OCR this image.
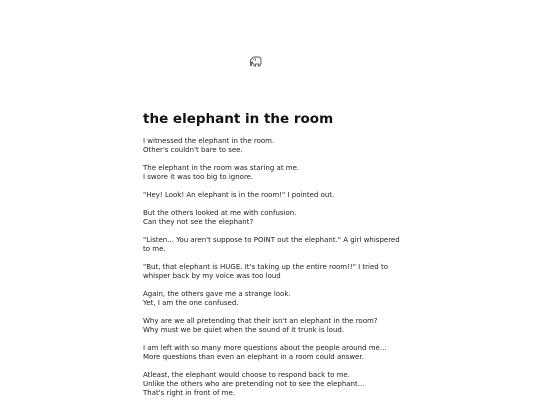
the elephant in the room

I witnessed the elephant in the room.
Other's couldn't bare to see.

The elephant in the room was staring at me.
I swore it was too big to ignore.

"Hey! Look! An elephant is in the room!" I pointed out.

But the others looked at me with confusion.
Can they not see the elephant?

"Listen... You aren't suppose to POINT out the elephant." A girl whispered
to me.

"But, that elephant is HUGE. It's taking up the entire room!!" I tried to
whisper back by my voice was too loud

Again, the others gave me a strange look.
Yet, I am the one confused.

Why are we all pretending that their isn't an elephant in the room?
Why must we be quiet when the sound of it trunk is loud.

I am left with so many more questions about the people around me...
More questions than even an elephant in a room could answer.

Atleast, the elephant would choose to respond back to me.
Unlike the others who are pretending not to see the elephant...
That's right in front of me.
